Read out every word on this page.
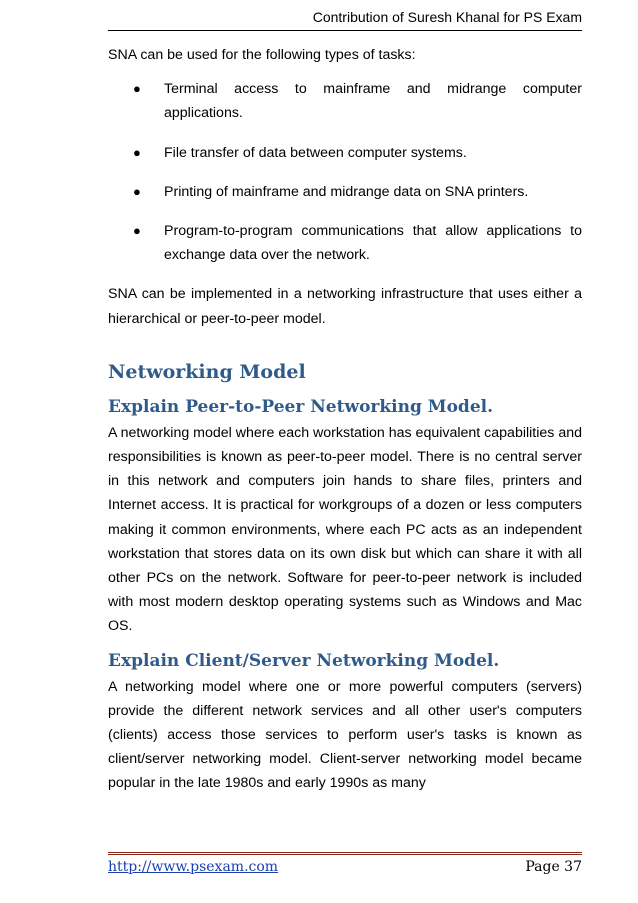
Contribution of Suresh Khanal for PS Exam

SNA can be used for the following types of tasks:

● Terminal access to mainframe and midrange computer applications.
● File transfer of data between computer systems.
● Printing of mainframe and midrange data on SNA printers.
● Program-to-program communications that allow applications to exchange data over the network.

SNA can be implemented in a networking infrastructure that uses either a hierarchical or peer-to-peer model.

Networking Model
Explain Peer-to-Peer Networking Model.

A networking model where each workstation has equivalent capabilities and responsibilities is known as peer-to-peer model. There is no central server in this network and computers join hands to share files, printers and Internet access. It is practical for workgroups of a dozen or less computers making it common environments, where each PC acts as an independent workstation that stores data on its own disk but which can share it with all other PCs on the network. Software for peer-to-peer network is included with most modern desktop operating systems such as Windows and Mac OS.

Explain Client/Server Networking Model.

A networking model where one or more powerful computers (servers) provide the different network services and all other user's computers (clients) access those services to perform user's tasks is known as client/server networking model. Client-server networking model became popular in the late 1980s and early 1990s as many

http://www.psexam.com	Page 37
